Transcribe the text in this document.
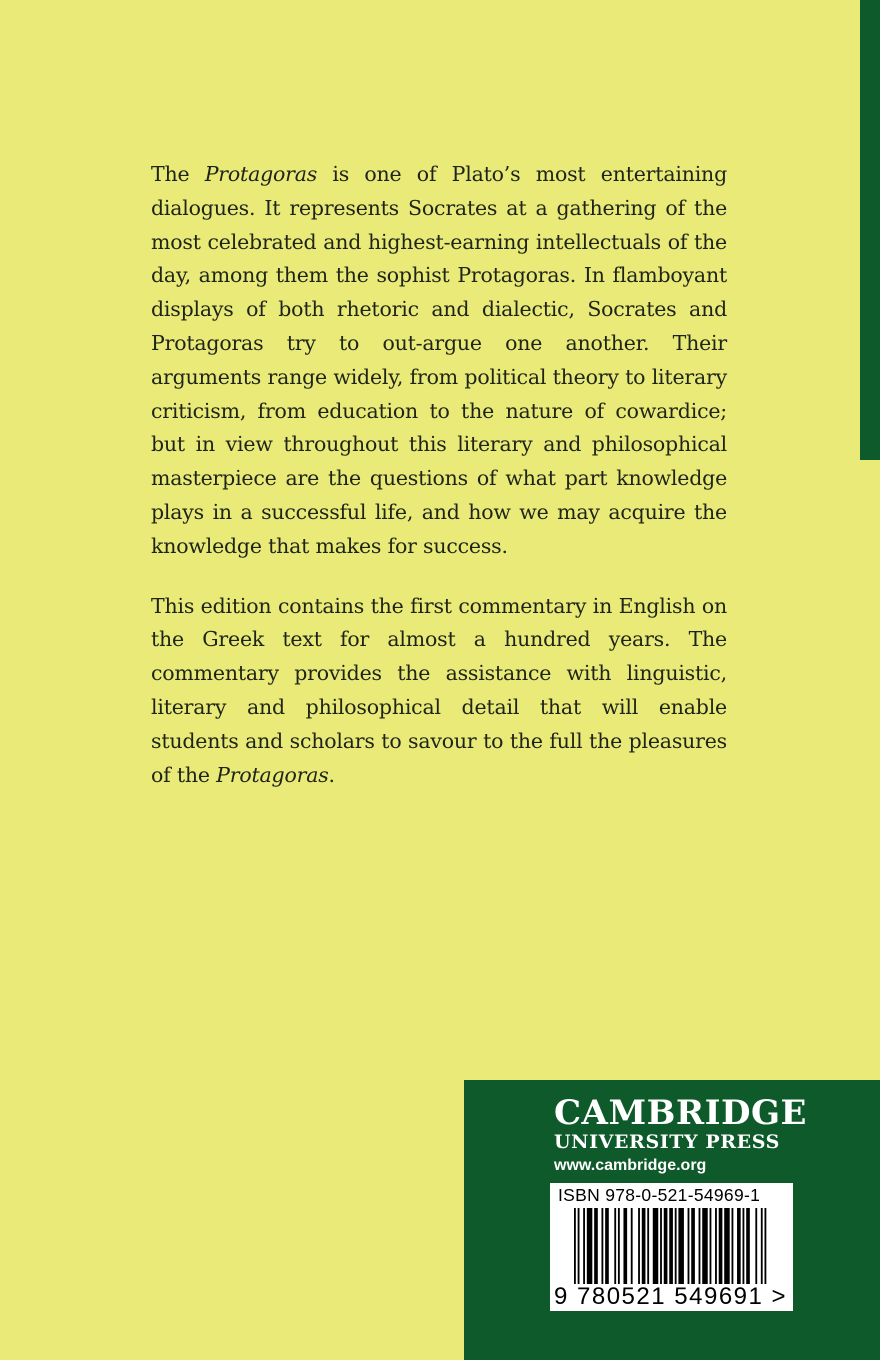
The Protagoras is one of Plato’s most entertaining dialogues. It represents Socrates at a gathering of the most celebrated and highest-earning intellectuals of the day, among them the sophist Protagoras. In flamboyant displays of both rhetoric and dialectic, Socrates and Protagoras try to out-argue one another. Their arguments range widely, from political theory to literary criticism, from education to the nature of cowardice; but in view throughout this literary and philosophical masterpiece are the questions of what part knowledge plays in a successful life, and how we may acquire the knowledge that makes for success.

This edition contains the first commentary in English on the Greek text for almost a hundred years. The commentary provides the assistance with linguistic, literary and philosophical detail that will enable students and scholars to savour to the full the pleasures of the Protagoras.

CAMBRIDGE
UNIVERSITY PRESS
www.cambridge.org
ISBN 978-0-521-54969-1
9 780521 549691 >
